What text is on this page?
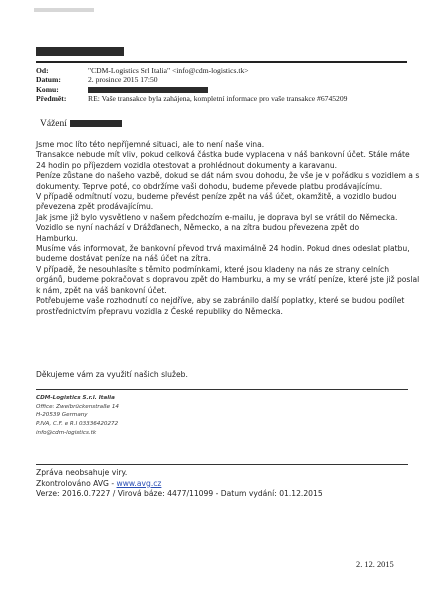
Od:	"CDM-Logistics Srl Italia" <info@cdm-logistics.tk>
Datum:	2. prosince 2015 17:50
Komu:
Předmět:	RE: Vaše transakce byla zahájena, kompletní informace pro vaše transakce #6745209
Vážení
Jsme moc líto této nepříjemné situaci, ale to není naše vina.
Transakce nebude mít vliv, pokud celková částka bude vyplacena v náš bankovní účet. Stále máte
24 hodin po příjezdem vozidla otestovat a prohlédnout dokumenty a karavanu.
Peníze zůstane do našeho vazbě, dokud se dát nám svou dohodu, že vše je v pořádku s vozidlem a s
dokumenty. Teprve poté, co obdržíme vaši dohodu, budeme převede platbu prodávajícímu.
V případě odmítnutí vozu, budeme převést peníze zpět na váš účet, okamžitě, a vozidlo budou
převezena zpět prodávajícímu.
Jak jsme již bylo vysvětleno v našem předchozím e-mailu, je doprava byl se vrátil do Německa.
Vozidlo se nyní nachází v Drážďanech, Německo, a na zítra budou převezena zpět do
Hamburku.
Musíme vás informovat, že bankovní převod trvá maximálně 24 hodin. Pokud dnes odeslat platbu,
budeme dostávat peníze na náš účet na zítra.
V případě, že nesouhlasíte s těmito podmínkami, které jsou kladeny na nás ze strany celních
orgánů, budeme pokračovat s dopravou zpět do Hamburku, a my se vrátí peníze, které jste již poslal
k nám, zpět na váš bankovní účet.
Potřebujeme vaše rozhodnutí co nejdříve, aby se zabránilo další poplatky, které se budou podílet
prostřednictvím přepravu vozidla z České republiky do Německa.
Děkujeme vám za využití našich služeb.
CDM-Logistics S.r.l. Italia
Office: Zweibrückenstraße 14
H-20539 Germany
P.IVA, C.F. e R.I 03336420272
info@cdm-logistics.tk
Zpráva neobsahuje viry.
Zkontrolováno AVG - www.avg.cz
Verze: 2016.0.7227 / Virová báze: 4477/11099 - Datum vydání: 01.12.2015
2. 12. 2015
